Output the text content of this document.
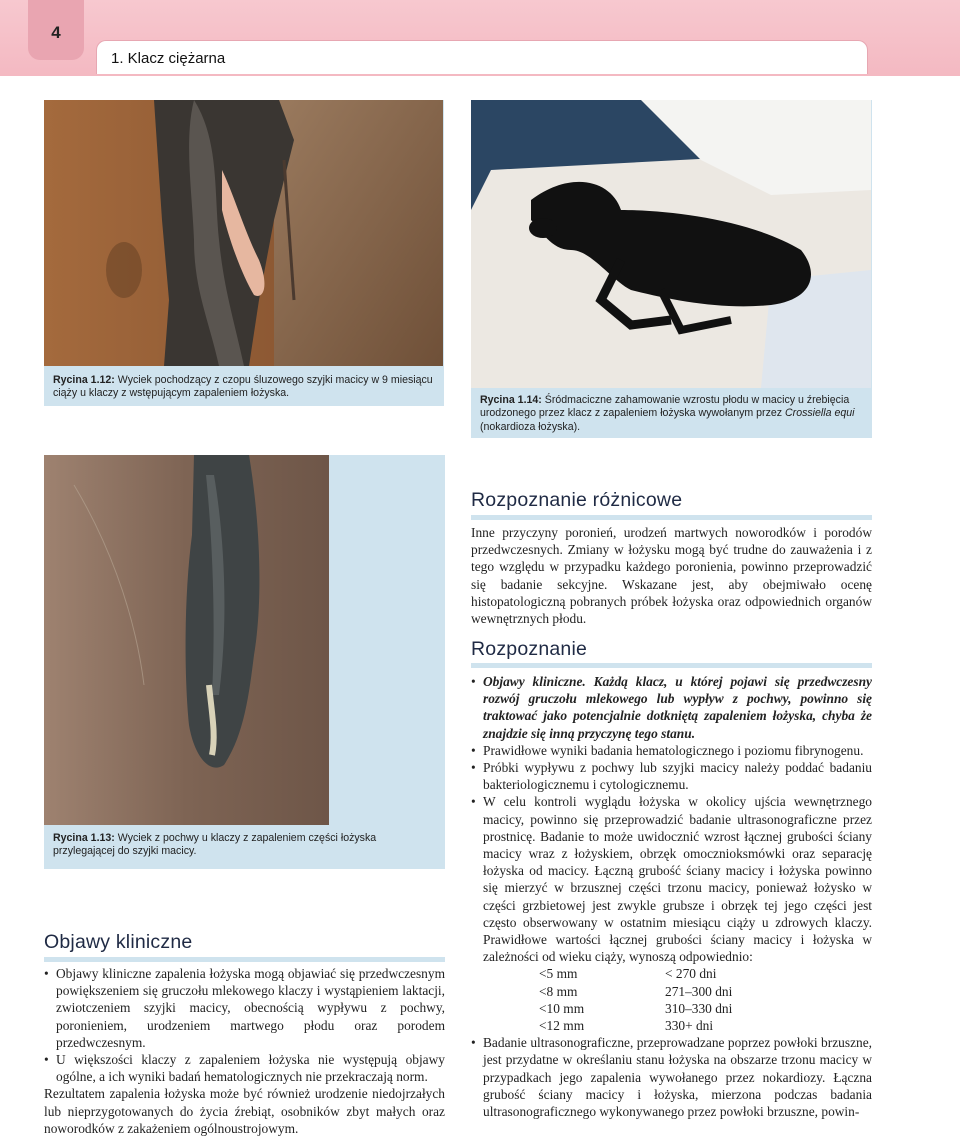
4
1. Klacz ciężarna
Rycina 1.12: Wyciek pochodzący z czopu śluzowego szyjki macicy w 9 miesiącu ciąży u klaczy z wstępującym zapaleniem łożyska.
Rycina 1.14: Śródmaciczne zahamowanie wzrostu płodu w macicy u źrebięcia urodzonego przez klacz z zapaleniem łożyska wywołanym przez Crossiella equi (nokardioza łożyska).
Rycina 1.13: Wyciek z pochwy u klaczy z zapaleniem części łożyska przylegającej do szyjki macicy.
Rozpoznanie różnicowe

Inne przyczyny poronień, urodzeń martwych noworodków i porodów przedwczesnych. Zmiany w łożysku mogą być trudne do zauważenia i z tego względu w przypadku każdego poronienia, powinno przeprowadzić się badanie sekcyjne. Wskazane jest, aby obejmiwało ocenę histopatologiczną pobranych próbek łożyska oraz odpowiednich organów wewnętrznych płodu.

Rozpoznanie
• Objawy kliniczne. Każdą klacz, u której pojawi się przedwczesny rozwój gruczołu mlekowego lub wypływ z pochwy, powinno się traktować jako potencjalnie dotkniętą zapaleniem łożyska, chyba że znajdzie się inną przyczynę tego stanu.
• Prawidłowe wyniki badania hematologicznego i poziomu fibrynogenu.
• Próbki wypływu z pochwy lub szyjki macicy należy poddać badaniu bakteriologicznemu i cytologicznemu.
• W celu kontroli wyglądu łożyska w okolicy ujścia wewnętrznego macicy, powinno się przeprowadzić badanie ultrasonograficzne przez prostnicę. Badanie to może uwidocznić wzrost łącznej grubości ściany macicy wraz z łożyskiem, obrzęk omocznioksmówki oraz separację łożyska od macicy. Łączną grubość ściany macicy i łożyska powinno się mierzyć w brzusznej części trzonu macicy, ponieważ łożysko w części grzbietowej jest zwykle grubsze i obrzęk tej jego części jest często obserwowany w ostatnim miesiącu ciąży u zdrowych klaczy. Prawidłowe wartości łącznej grubości ściany macicy i łożyska w zależności od wieku ciąży, wynoszą odpowiednio:
<5 mm	< 270 dni
<8 mm	271–300 dni
<10 mm	310–330 dni
<12 mm	330+ dni
• Badanie ultrasonograficzne, przeprowadzane poprzez powłoki brzuszne, jest przydatne w określaniu stanu łożyska na obszarze trzonu macicy w przypadkach jego zapalenia wywołanego przez nokardiozy. Łączna grubość ściany macicy i łożyska, mierzona podczas badania ultrasonograficznego wykonywanego przez powłoki brzuszne, powin-
Objawy kliniczne
• Objawy kliniczne zapalenia łożyska mogą objawiać się przedwczesnym powiększeniem się gruczołu mlekowego klaczy i wystąpieniem laktacji, zwiotczeniem szyjki macicy, obecnością wypływu z pochwy, poronieniem, urodzeniem martwego płodu oraz porodem przedwczesnym.
• U większości klaczy z zapaleniem łożyska nie występują objawy ogólne, a ich wyniki badań hematologicznych nie przekraczają norm.

Rezultatem zapalenia łożyska może być również urodzenie niedojrzałych lub nieprzygotowanych do życia źrebiąt, osobników zbyt małych oraz noworodków z zakażeniem ogólnoustrojowym.
